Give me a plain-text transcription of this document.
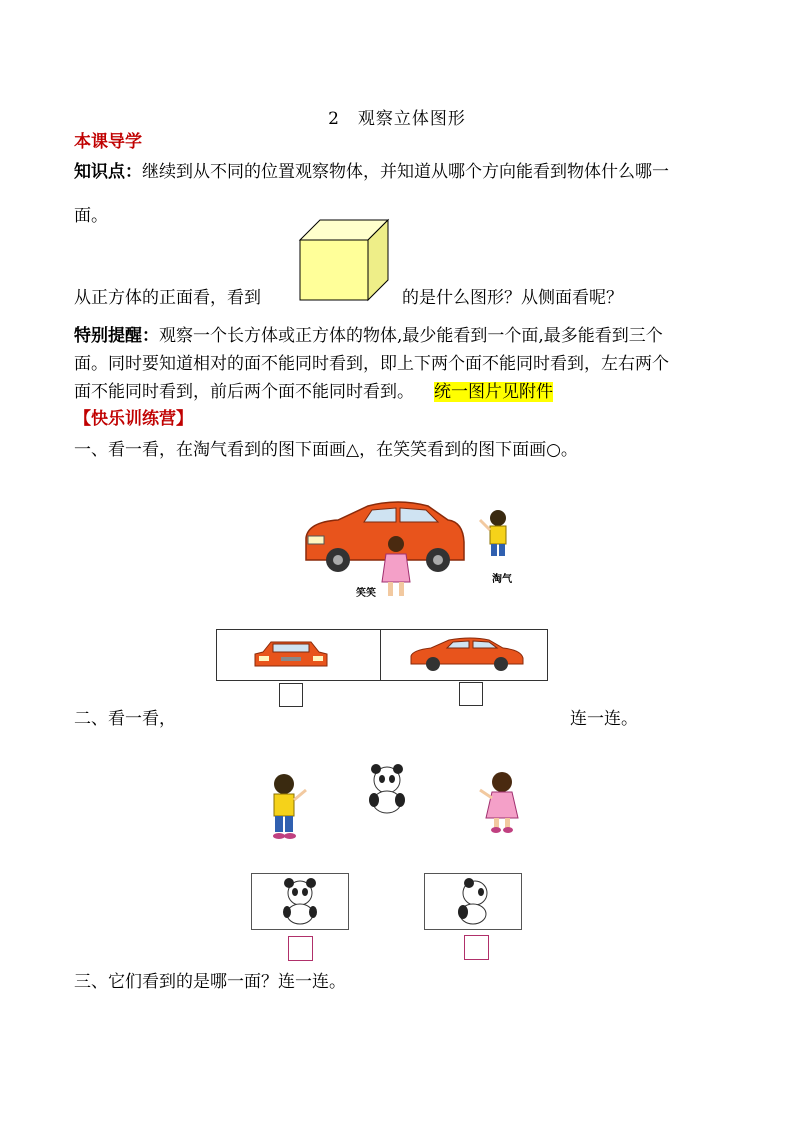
2　观察立体图形
本课导学
知识点：继续到从不同的位置观察物体，并知道从哪个方向能看到物体什么哪一
面。
从正方体的正面看，看到	的是什么图形？从侧面看呢？
特别提醒：观察一个长方体或正方体的物体,最少能看到一个面,最多能看到三个
面。同时要知道相对的面不能同时看到，即上下两个面不能同时看到，左右两个
面不能同时看到，前后两个面不能同时看到。 统一图片见附件
【快乐训练营】
一、看一看，在淘气看到的图下面画△，在笑笑看到的图下面画○。
笑笑
淘气
二、看一看，	连一连。
三、它们看到的是哪一面？连一连。
